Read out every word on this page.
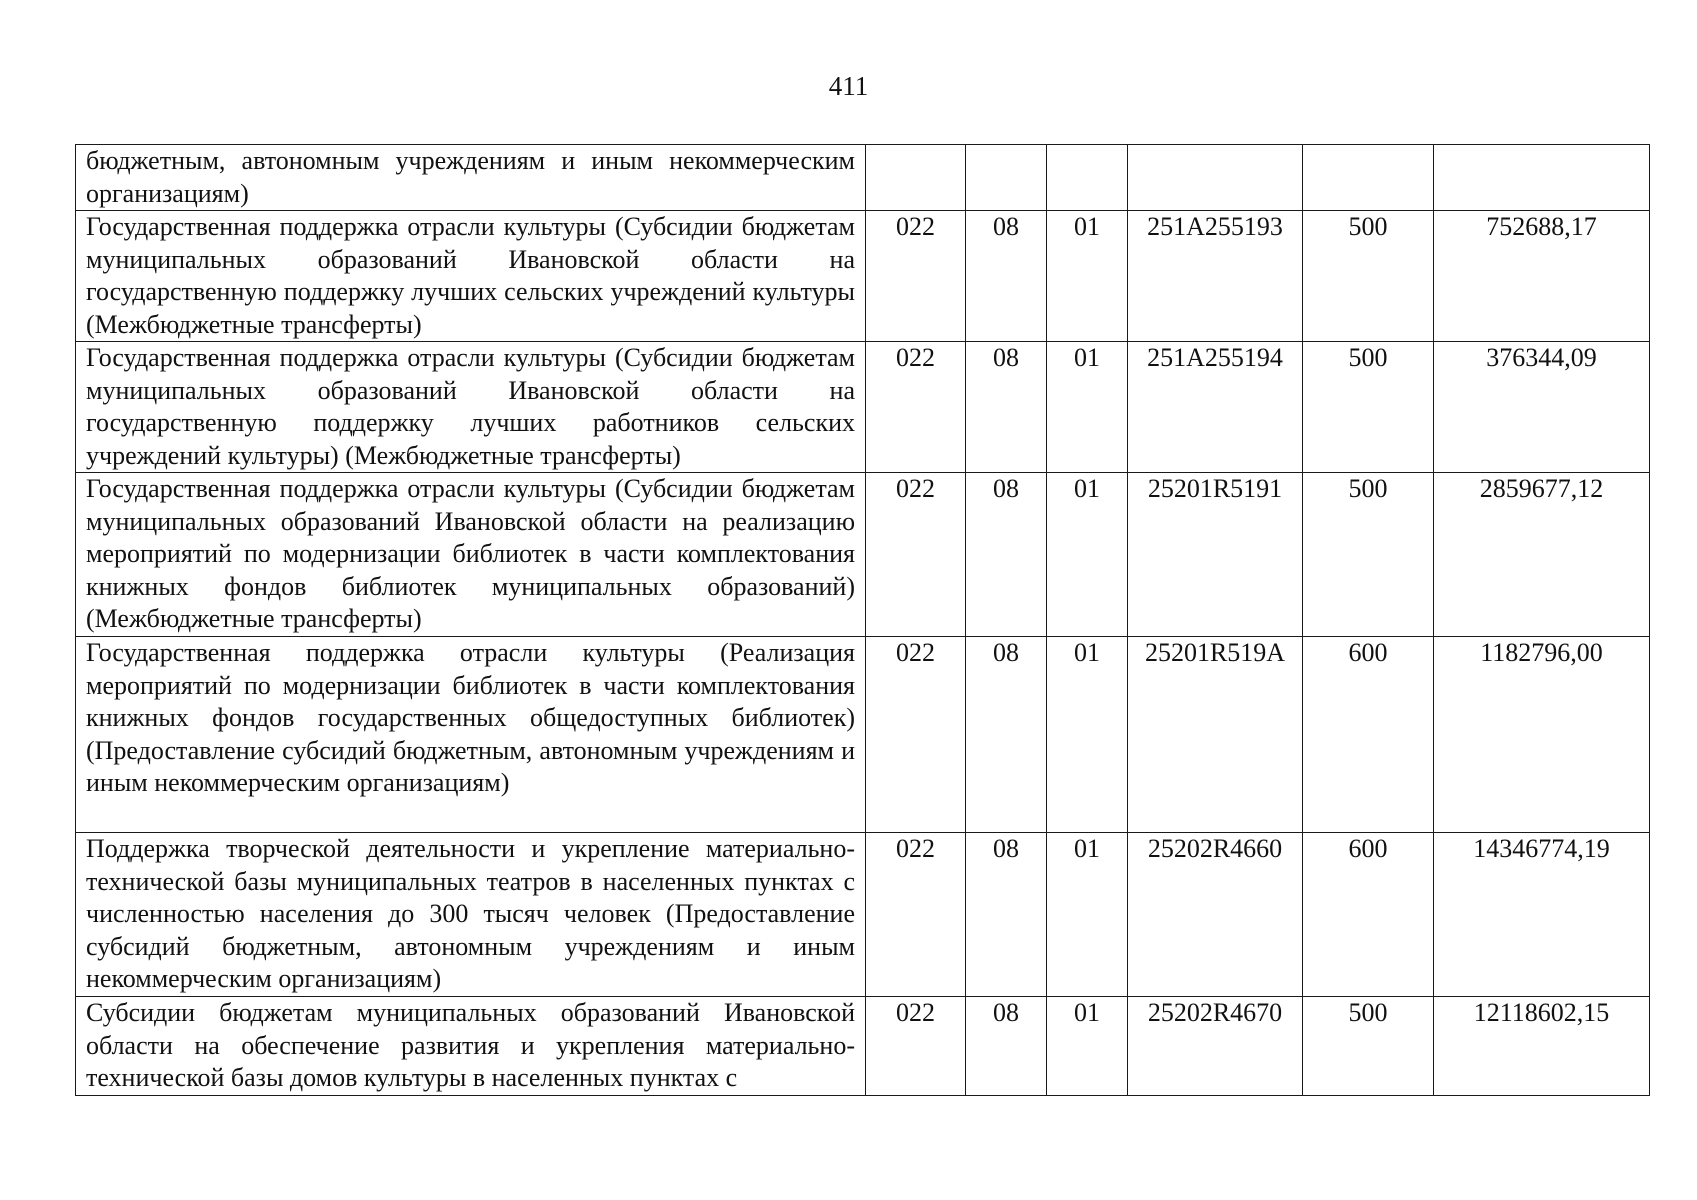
411
бюджетным, автономным учреждениям и иным некоммерческим организациям)						
Государственная поддержка отрасли культуры (Субсидии бюджетам муниципальных образований Ивановской области на государственную поддержку лучших сельских учреждений культуры (Межбюджетные трансферты)	022	08	01	251A255193	500	752688,17
Государственная поддержка отрасли культуры (Субсидии бюджетам муниципальных образований Ивановской области на государственную поддержку лучших работников сельских учреждений культуры) (Межбюджетные трансферты)	022	08	01	251A255194	500	376344,09
Государственная поддержка отрасли культуры (Субсидии бюджетам муниципальных образований Ивановской области на реализацию мероприятий по модернизации библиотек в части комплектования книжных фондов библиотек муниципальных образований) (Межбюджетные трансферты)	022	08	01	25201R5191	500	2859677,12
Государственная поддержка отрасли культуры (Реализация мероприятий по модернизации библиотек в части комплектования книжных фондов государственных общедоступных библиотек) (Предоставление субсидий бюджетным, автономным учреждениям и иным некоммерческим организациям)	022	08	01	25201R519A	600	1182796,00
Поддержка творческой деятельности и укрепление материально-технической базы муниципальных театров в населенных пунктах с численностью населения до 300 тысяч человек (Предоставление субсидий бюджетным, автономным учреждениям и иным некоммерческим организациям)	022	08	01	25202R4660	600	14346774,19
Субсидии бюджетам муниципальных образований Ивановской области на обеспечение развития и укрепления материально-технической базы домов культуры в населенных пунктах с	022	08	01	25202R4670	500	12118602,15
